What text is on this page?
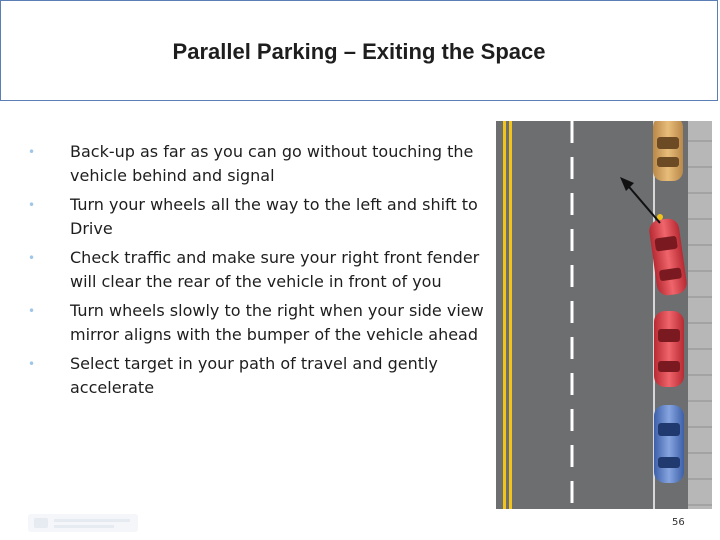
Parallel Parking – Exiting the Space
• Back-up as far as you can go without touching the vehicle behind and signal
• Turn your wheels all the way to the left and shift to Drive
• Check traffic and make sure your right front fender will clear the rear of the vehicle in front of you
• Turn wheels slowly to the right when your side view mirror aligns with the bumper of the vehicle ahead
• Select target in your path of travel and gently accelerate
56
